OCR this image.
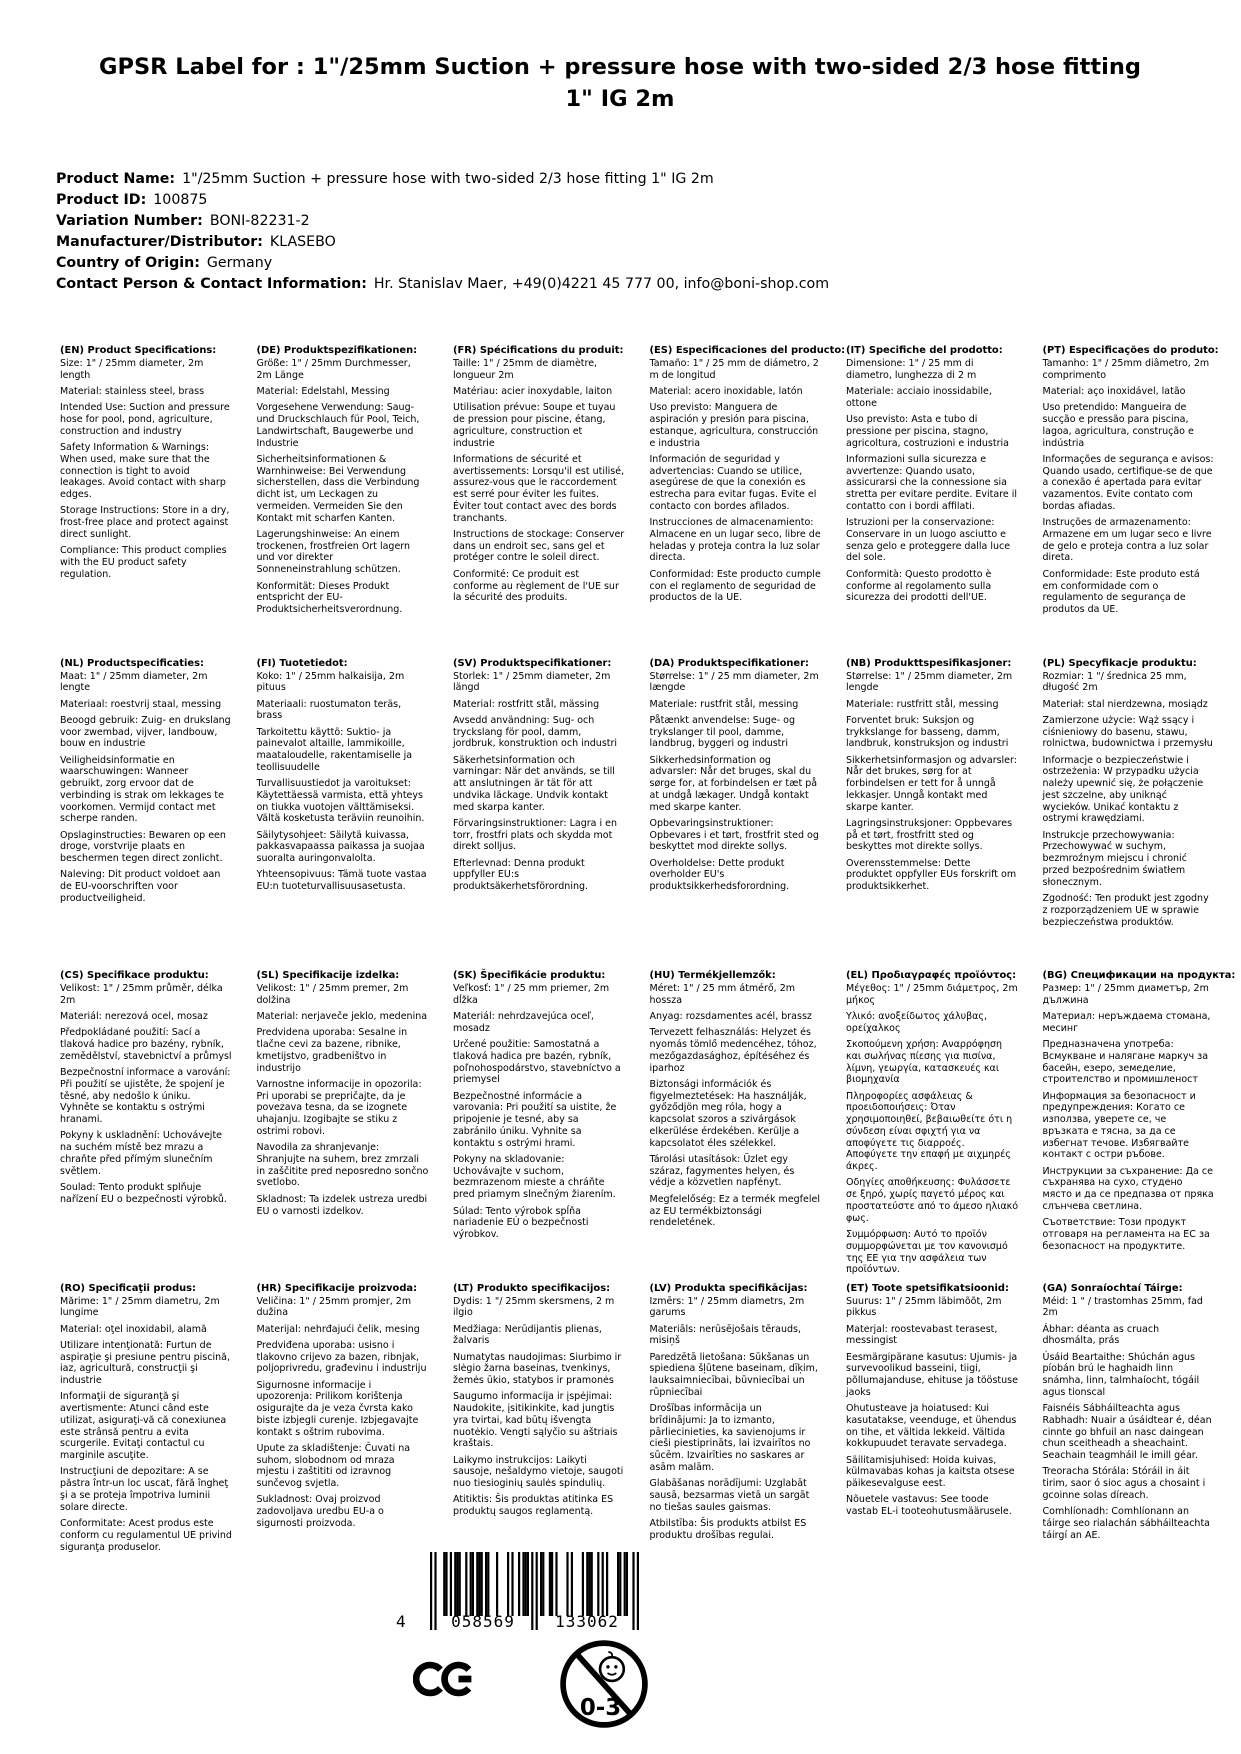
GPSR Label for : 1"/25mm Suction + pressure hose with two-sided 2/3 hose fitting 1" IG 2m
Product Name: 1"/25mm Suction + pressure hose with two-sided 2/3 hose fitting 1" IG 2m
Product ID: 100875
Variation Number: BONI-82231-2
Manufacturer/Distributor: KLASEBO
Country of Origin: Germany
Contact Person & Contact Information: Hr. Stanislav Maer, +49(0)4221 45 777 00, info@boni-shop.com
(EN) Product Specifications:

Size: 1" / 25mm diameter, 2m length

Material: stainless steel, brass

Intended Use: Suction and pressure hose for pool, pond, agriculture, construction and industry

Safety Information & Warnings: When used, make sure that the connection is tight to avoid leakages. Avoid contact with sharp edges.

Storage Instructions: Store in a dry, frost-free place and protect against direct sunlight.

Compliance: This product complies with the EU product safety regulation.

(DE) Produktspezifikationen:

Größe: 1" / 25mm Durchmesser, 2m Länge

Material: Edelstahl, Messing

Vorgesehene Verwendung: Saug- und Druckschlauch für Pool, Teich, Landwirtschaft, Baugewerbe und Industrie

Sicherheitsinformationen & Warnhinweise: Bei Verwendung sicherstellen, dass die Verbindung dicht ist, um Leckagen zu vermeiden. Vermeiden Sie den Kontakt mit scharfen Kanten.

Lagerungshinweise: An einem trockenen, frostfreien Ort lagern und vor direkter Sonneneinstrahlung schützen.

Konformität: Dieses Produkt entspricht der EU-Produktsicherheitsverordnung.

(FR) Spécifications du produit:

Taille: 1" / 25mm de diamètre, longueur 2m

Matériau: acier inoxydable, laiton

Utilisation prévue: Soupe et tuyau de pression pour piscine, étang, agriculture, construction et industrie

Informations de sécurité et avertissements: Lorsqu'il est utilisé, assurez-vous que le raccordement est serré pour éviter les fuites. Éviter tout contact avec des bords tranchants.

Instructions de stockage: Conserver dans un endroit sec, sans gel et protéger contre le soleil direct.

Conformité: Ce produit est conforme au règlement de l'UE sur la sécurité des produits.

(ES) Especificaciones del producto:

Tamaño: 1" / 25 mm de diámetro, 2 m de longitud

Material: acero inoxidable, latón

Uso previsto: Manguera de aspiración y presión para piscina, estanque, agricultura, construcción e industria

Información de seguridad y advertencias: Cuando se utilice, asegúrese de que la conexión es estrecha para evitar fugas. Evite el contacto con bordes afilados.

Instrucciones de almacenamiento: Almacene en un lugar seco, libre de heladas y proteja contra la luz solar directa.

Conformidad: Este producto cumple con el reglamento de seguridad de productos de la UE.

(IT) Specifiche del prodotto:

Dimensione: 1" / 25 mm di diametro, lunghezza di 2 m

Materiale: acciaio inossidabile, ottone

Uso previsto: Asta e tubo di pressione per piscina, stagno, agricoltura, costruzioni e industria

Informazioni sulla sicurezza e avvertenze: Quando usato, assicurarsi che la connessione sia stretta per evitare perdite. Evitare il contatto con i bordi affilati.

Istruzioni per la conservazione: Conservare in un luogo asciutto e senza gelo e proteggere dalla luce del sole.

Conformità: Questo prodotto è conforme al regolamento sulla sicurezza dei prodotti dell'UE.

(PT) Especificações do produto:

Tamanho: 1" / 25mm diâmetro, 2m comprimento

Material: aço inoxidável, latão

Uso pretendido: Mangueira de sucção e pressão para piscina, lagoa, agricultura, construção e indústria

Informações de segurança e avisos: Quando usado, certifique-se de que a conexão é apertada para evitar vazamentos. Evite contato com bordas afiadas.

Instruções de armazenamento: Armazene em um lugar seco e livre de gelo e proteja contra a luz solar direta.

Conformidade: Este produto está em conformidade com o regulamento de segurança de produtos da UE.

(NL) Productspecificaties:

Maat: 1" / 25mm diameter, 2m lengte

Materiaal: roestvrij staal, messing

Beoogd gebruik: Zuig- en drukslang voor zwembad, vijver, landbouw, bouw en industrie

Veiligheidsinformatie en waarschuwingen: Wanneer gebruikt, zorg ervoor dat de verbinding is strak om lekkages te voorkomen. Vermijd contact met scherpe randen.

Opslaginstructies: Bewaren op een droge, vorstvrije plaats en beschermen tegen direct zonlicht.

Naleving: Dit product voldoet aan de EU-voorschriften voor productveiligheid.

(FI) Tuotetiedot:

Koko: 1" / 25mm halkaisija, 2m pituus

Materiaali: ruostumaton teräs, brass

Tarkoitettu käyttö: Suktio- ja painevalot altaille, lammikoille, maataloudelle, rakentamiselle ja teollisuudelle

Turvallisuustiedot ja varoitukset: Käytettäessä varmista, että yhteys on tiukka vuotojen välttämiseksi. Vältä kosketusta teräviin reunoihin.

Säilytysohjeet: Säilytä kuivassa, pakkasvapaassa paikassa ja suojaa suoralta auringonvalolta.

Yhteensopivuus: Tämä tuote vastaa EU:n tuoteturvallisuusasetusta.

(SV) Produktspecifikationer:

Storlek: 1" / 25mm diameter, 2m längd

Material: rostfritt stål, mässing

Avsedd användning: Sug- och tryckslang för pool, damm, jordbruk, konstruktion och industri

Säkerhetsinformation och varningar: När det används, se till att anslutningen är tät för att undvika läckage. Undvik kontakt med skarpa kanter.

Förvaringsinstruktioner: Lagra i en torr, frostfri plats och skydda mot direkt solljus.

Efterlevnad: Denna produkt uppfyller EU:s produktsäkerhetsförordning.

(DA) Produktspecifikationer:

Størrelse: 1" / 25 mm diameter, 2m længde

Materiale: rustfrit stål, messing

Påtænkt anvendelse: Suge- og trykslanger til pool, damme, landbrug, byggeri og industri

Sikkerhedsinformation og advarsler: Når det bruges, skal du sørge for, at forbindelsen er tæt på at undgå lækager. Undgå kontakt med skarpe kanter.

Opbevaringsinstruktioner: Opbevares i et tørt, frostfrit sted og beskyttet mod direkte sollys.

Overholdelse: Dette produkt overholder EU's produktsikkerhedsforordning.

(NB) Produkttspesifikasjoner:

Størrelse: 1" / 25mm diameter, 2m lengde

Materiale: rustfritt stål, messing

Forventet bruk: Suksjon og trykkslange for basseng, damm, landbruk, konstruksjon og industri

Sikkerhetsinformasjon og advarsler: Når det brukes, sørg for at forbindelsen er tett for å unngå lekkasjer. Unngå kontakt med skarpe kanter.

Lagringsinstruksjoner: Oppbevares på et tørt, frostfritt sted og beskyttes mot direkte sollys.

Overensstemmelse: Dette produktet oppfyller EUs forskrift om produktsikkerhet.

(PL) Specyfikacje produktu:

Rozmiar: 1 "/ średnica 25 mm, długość 2m

Materiał: stal nierdzewna, mosiądz

Zamierzone użycie: Wąż ssący i ciśnieniowy do basenu, stawu, rolnictwa, budownictwa i przemysłu

Informacje o bezpieczeństwie i ostrzeżenia: W przypadku użycia należy upewnić się, że połączenie jest szczelne, aby uniknąć wycieków. Unikać kontaktu z ostrymi krawędziami.

Instrukcje przechowywania: Przechowywać w suchym, bezmroźnym miejscu i chronić przed bezpośrednim światłem słonecznym.

Zgodność: Ten produkt jest zgodny z rozporządzeniem UE w sprawie bezpieczeństwa produktów.

(CS) Specifikace produktu:

Velikost: 1" / 25mm průměr, délka 2m

Materiál: nerezová ocel, mosaz

Předpokládané použití: Sací a tlaková hadice pro bazény, rybník, zemědělství, stavebnictví a průmysl

Bezpečnostní informace a varování: Při použití se ujistěte, že spojení je těsné, aby nedošlo k úniku. Vyhněte se kontaktu s ostrými hranami.

Pokyny k uskladnění: Uchovávejte na suchém místě bez mrazu a chraňte před přímým slunečním světlem.

Soulad: Tento produkt splňuje nařízení EU o bezpečnosti výrobků.

(SL) Specifikacije izdelka:

Velikost: 1" / 25mm premer, 2m dolžina

Material: nerjaveče jeklo, medenina

Predvidena uporaba: Sesalne in tlačne cevi za bazene, ribnike, kmetijstvo, gradbeništvo in industrijo

Varnostne informacije in opozorila: Pri uporabi se prepričajte, da je povezava tesna, da se izognete uhajanju. Izogibajte se stiku z ostrimi robovi.

Navodila za shranjevanje: Shranjujte na suhem, brez zmrzali in zaščitite pred neposredno sončno svetlobo.

Skladnost: Ta izdelek ustreza uredbi EU o varnosti izdelkov.

(SK) Špecifikácie produktu:

Veľkosť: 1" / 25 mm priemer, 2m dĺžka

Materiál: nehrdzavejúca oceľ, mosadz

Určené použitie: Samostatná a tlaková hadica pre bazén, rybník, poľnohospodárstvo, stavebníctvo a priemysel

Bezpečnostné informácie a varovania: Pri použití sa uistite, že pripojenie je tesné, aby sa zabránilo úniku. Vyhnite sa kontaktu s ostrými hrami.

Pokyny na skladovanie: Uchovávajte v suchom, bezmrazenom mieste a chráňte pred priamym slnečným žiarením.

Súlad: Tento výrobok spĺňa nariadenie EÚ o bezpečnosti výrobkov.

(HU) Termékjellemzők:

Méret: 1" / 25 mm átmérő, 2m hossza

Anyag: rozsdamentes acél, brassz

Tervezett felhasználás: Helyzet és nyomás tömlő medencéhez, tóhoz, mezőgazdasághoz, építéséhez és iparhoz

Biztonsági információk és figyelmeztetések: Ha használják, győződjön meg róla, hogy a kapcsolat szoros a szivárgások elkerülése érdekében. Kerülje a kapcsolatot éles szélekkel.

Tárolási utasítások: Üzlet egy száraz, fagymentes helyen, és védje a közvetlen napfényt.

Megfelelőség: Ez a termék megfelel az EU termékbiztonsági rendeletének.

(EL) Προδιαγραφές προϊόντος:

Μέγεθος: 1" / 25mm διάμετρος, 2m μήκος

Υλικό: ανοξείδωτος χάλυβας, ορείχαλκος

Σκοπούμενη χρήση: Αναρρόφηση και σωλήνας πίεσης για πισίνα, λίμνη, γεωργία, κατασκευές και βιομηχανία

Πληροφορίες ασφάλειας & προειδοποιήσεις: Όταν χρησιμοποιηθεί, βεβαιωθείτε ότι η σύνδεση είναι σφιχτή για να αποφύγετε τις διαρροές. Αποφύγετε την επαφή με αιχμηρές άκρες.

Οδηγίες αποθήκευσης: Φυλάσσετε σε ξηρό, χωρίς παγετό μέρος και προστατεύστε από το άμεσο ηλιακό φως.

Συμμόρφωση: Αυτό το προϊόν συμμορφώνεται με τον κανονισμό της ΕΕ για την ασφάλεια των προϊόντων.

(BG) Спецификации на продукта:

Размер: 1" / 25mm диаметър, 2m дължина

Материал: неръждаема стомана, месинг

Предназначена употреба: Всмукване и налягане маркуч за басейн, езеро, земеделие, строителство и промишленост

Информация за безопасност и предупреждения: Когато се използва, уверете се, че връзката е тясна, за да се избегнат течове. Избягвайте контакт с остри ръбове.

Инструкции за съхранение: Да се съхранява на сухо, студено място и да се предпазва от пряка слънчева светлина.

Съответствие: Този продукт отговаря на регламента на ЕС за безопасност на продуктите.

(RO) Specificaţii produs:

Mărime: 1" / 25mm diametru, 2m lungime

Material: oţel inoxidabil, alamă

Utilizare intenţionată: Furtun de aspiraţie şi presiune pentru piscină, iaz, agricultură, construcţii şi industrie

Informaţii de siguranţă şi avertismente: Atunci când este utilizat, asiguraţi-vă că conexiunea este strânsă pentru a evita scurgerile. Evitaţi contactul cu marginile ascuţite.

Instrucţiuni de depozitare: A se păstra într-un loc uscat, fără îngheţ şi a se proteja împotriva luminii solare directe.

Conformitate: Acest produs este conform cu regulamentul UE privind siguranţa produselor.

(HR) Specifikacije proizvoda:

Veličina: 1" / 25mm promjer, 2m dužina

Materijal: nehrđajući čelik, mesing

Predviđena uporaba: usisno i tlakovno crijevo za bazen, ribnjak, poljoprivredu, građevinu i industriju

Sigurnosne informacije i upozorenja: Prilikom korištenja osigurajte da je veza čvrsta kako biste izbjegli curenje. Izbjegavajte kontakt s oštrim rubovima.

Upute za skladištenje: Čuvati na suhom, slobodnom od mraza mjestu i zaštititi od izravnog sunčevog svjetla.

Sukladnost: Ovaj proizvod zadovoljava uredbu EU-a o sigurnosti proizvoda.

(LT) Produkto specifikacijos:

Dydis: 1 "/ 25mm skersmens, 2 m ilgio

Medžiaga: Nerūdijantis plienas, žalvaris

Numatytas naudojimas: Siurbimo ir slėgio žarna baseinas, tvenkinys, žemės ūkio, statybos ir pramonės

Saugumo informacija ir įspėjimai: Naudokite, įsitikinkite, kad jungtis yra tvirtai, kad būtų išvengta nuotėkio. Vengti sąlyčio su aštriais kraštais.

Laikymo instrukcijos: Laikyti sausoje, nešaldymo vietoje, saugoti nuo tiesioginių saulės spindulių.

Atitiktis: Šis produktas atitinka ES produktų saugos reglamentą.

(LV) Produkta specifikācijas:

Izmērs: 1" / 25mm diametrs, 2m garums

Materiāls: nerūsējošais tērauds, misiņš

Paredzētā lietošana: Sūkšanas un spiediena šļūtene baseinam, dīķim, lauksaimniecībai, būvniecībai un rūpniecībai

Drošības informācija un brīdinājumi: Ja to izmanto, pārliecinieties, ka savienojums ir cieši piestiprināts, lai izvairītos no sūcēm. Izvairīties no saskares ar asām malām.

Glabāšanas norādījumi: Uzglabāt sausā, bezsarmas vietā un sargāt no tiešas saules gaismas.

Atbilstība: Šis produkts atbilst ES produktu drošības regulai.

(ET) Toote spetsifikatsioonid:

Suurus: 1" / 25mm läbimõõt, 2m pikkus

Materjal: roostevabast terasest, messingist

Eesmärgipärane kasutus: Ujumis- ja survevoolikud basseini, tiigi, põllumajanduse, ehituse ja tööstuse jaoks

Ohutusteave ja hoiatused: Kui kasutatakse, veenduge, et ühendus on tihe, et vältida lekkeid. Vältida kokkupuudet teravate servadega.

Säilitamisjuhised: Hoida kuivas, külmavabas kohas ja kaitsta otsese päikesevalguse eest.

Nõuetele vastavus: See toode vastab EL-i tooteohutusmäärusele.

(GA) Sonraíochtaí Táirge:

Méid: 1 " / trastomhas 25mm, fad 2m

Ábhar: déanta as cruach dhosmálta, prás

Úsáid Beartaithe: Shúchán agus píobán brú le haghaidh linn snámha, linn, talmhaíocht, tógáil agus tionscal

Faisnéis Sábháilteachta agus Rabhadh: Nuair a úsáidtear é, déan cinnte go bhfuil an nasc daingean chun sceitheadh a sheachaint. Seachain teagmháil le imill géar.

Treoracha Stórála: Stóráil in áit tirim, saor ó sioc agus a chosaint i gcoinne solas díreach.

Comhlíonadh: Comhlíonann an táirge seo rialachán sábháilteachta táirgí an AE.

4	058569	133062
0-3
